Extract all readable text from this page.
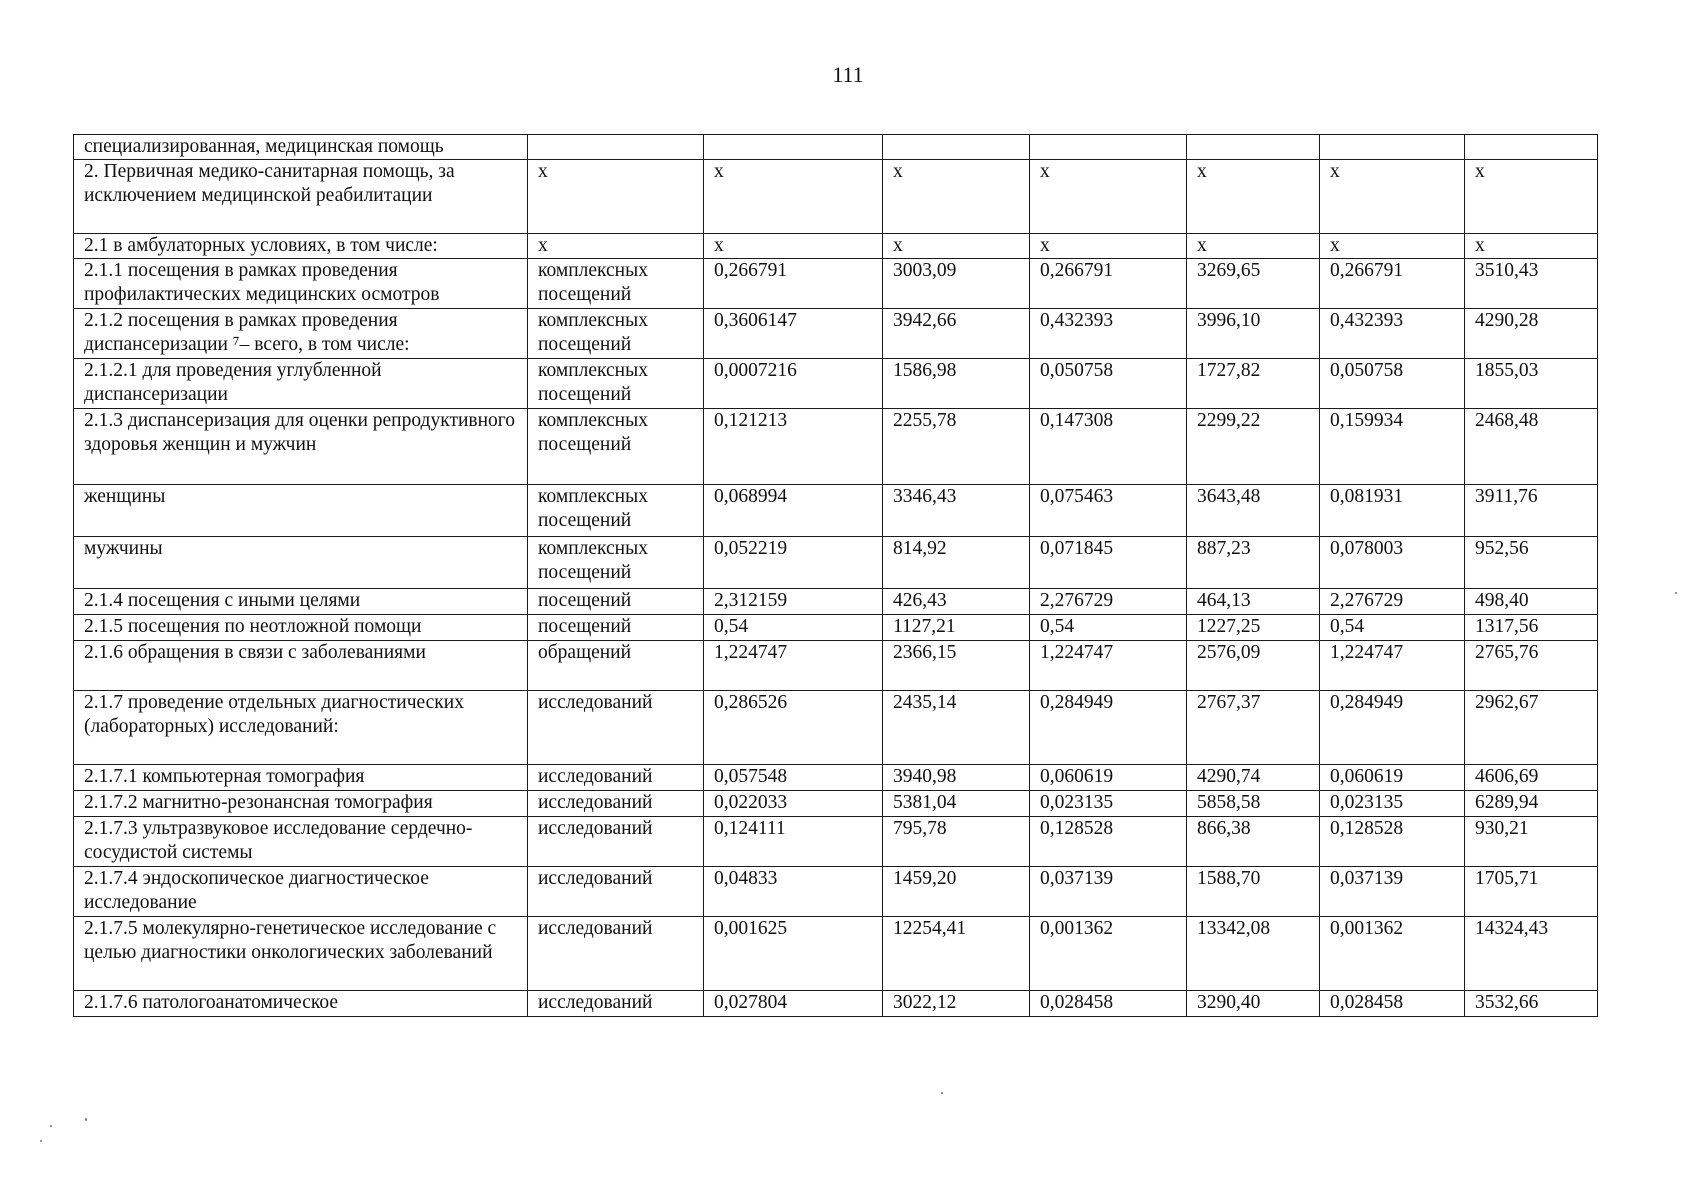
111
специализированная, медицинская помощь							
2. Первичная медико-санитарная помощь, за исключением медицинской реабилитации	х	х	х	х	х	х	х
2.1 в амбулаторных условиях, в том числе:	х	х	х	х	х	х	х
2.1.1 посещения в рамках проведения профилактических медицинских осмотров	комплексных посещений	0,266791	3003,09	0,266791	3269,65	0,266791	3510,43
2.1.2 посещения в рамках проведения диспансеризации ⁷– всего, в том числе:	комплексных посещений	0,3606147	3942,66	0,432393	3996,10	0,432393	4290,28
2.1.2.1 для проведения углубленной диспансеризации	комплексных посещений	0,0007216	1586,98	0,050758	1727,82	0,050758	1855,03
2.1.3 диспансеризация для оценки репродуктивного здоровья женщин и мужчин	комплексных посещений	0,121213	2255,78	0,147308	2299,22	0,159934	2468,48
женщины	комплексных посещений	0,068994	3346,43	0,075463	3643,48	0,081931	3911,76
мужчины	комплексных посещений	0,052219	814,92	0,071845	887,23	0,078003	952,56
2.1.4 посещения с иными целями	посещений	2,312159	426,43	2,276729	464,13	2,276729	498,40
2.1.5 посещения по неотложной помощи	посещений	0,54	1127,21	0,54	1227,25	0,54	1317,56
2.1.6 обращения в связи с заболеваниями	обращений	1,224747	2366,15	1,224747	2576,09	1,224747	2765,76
2.1.7 проведение отдельных диагностических (лабораторных) исследований:	исследований	0,286526	2435,14	0,284949	2767,37	0,284949	2962,67
2.1.7.1 компьютерная томография	исследований	0,057548	3940,98	0,060619	4290,74	0,060619	4606,69
2.1.7.2 магнитно-резонансная томография	исследований	0,022033	5381,04	0,023135	5858,58	0,023135	6289,94
2.1.7.3 ультразвуковое исследование сердечно-сосудистой системы	исследований	0,124111	795,78	0,128528	866,38	0,128528	930,21
2.1.7.4 эндоскопическое диагностическое исследование	исследований	0,04833	1459,20	0,037139	1588,70	0,037139	1705,71
2.1.7.5 молекулярно-генетическое исследование с целью диагностики онкологических заболеваний	исследований	0,001625	12254,41	0,001362	13342,08	0,001362	14324,43
2.1.7.6 патологоанатомическое	исследований	0,027804	3022,12	0,028458	3290,40	0,028458	3532,66
